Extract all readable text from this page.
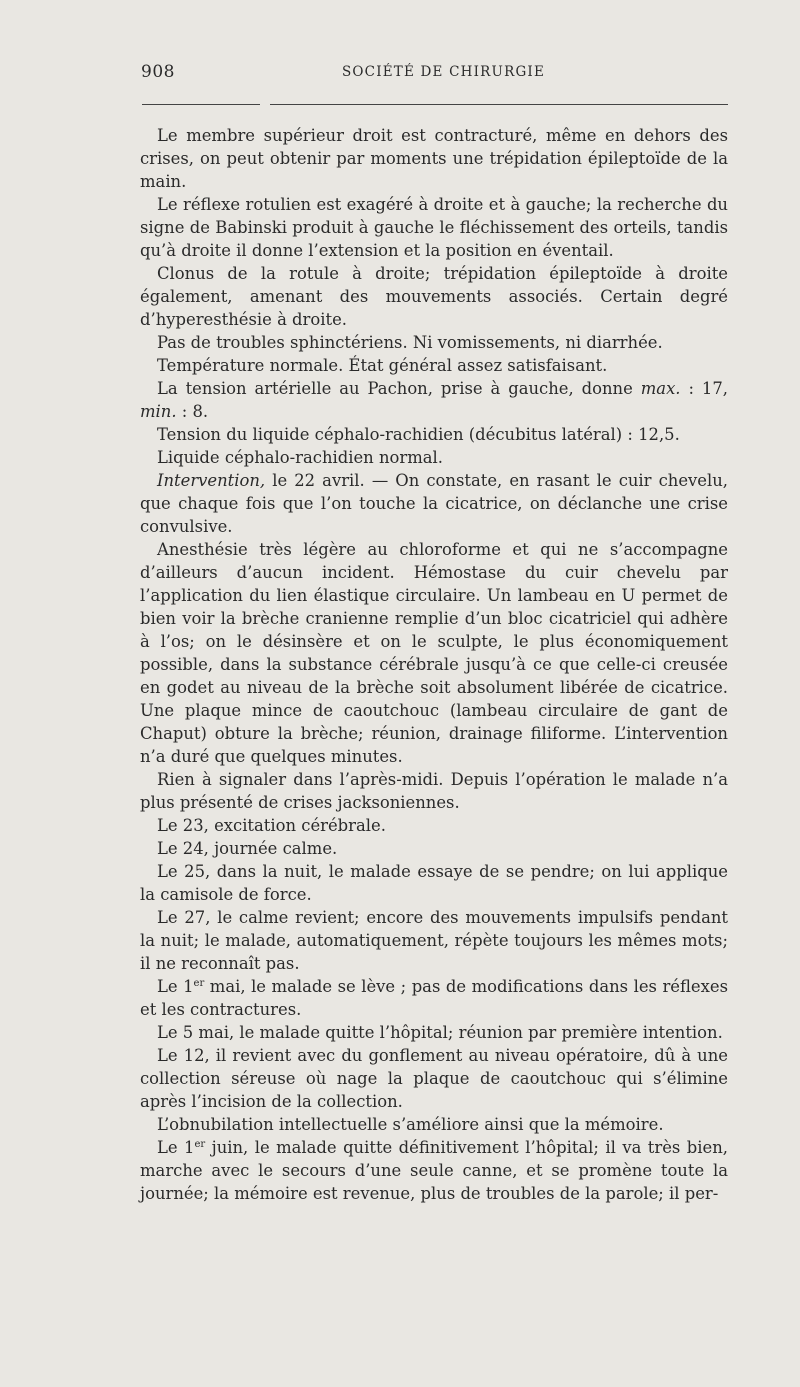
908	SOCIÉTÉ DE CHIRURGIE

Le membre supérieur droit est contracturé, même en dehors des crises, on peut obtenir par moments une trépidation épileptoïde de la main.

Le réflexe rotulien est exagéré à droite et à gauche; la recherche du signe de Babinski produit à gauche le fléchissement des orteils, tandis qu’à droite il donne l’extension et la position en éventail.

Clonus de la rotule à droite; trépidation épileptoïde à droite également, amenant des mouvements associés. Certain degré d’hyperesthésie à droite.

Pas de troubles sphinctériens. Ni vomissements, ni diarrhée.

Température normale. État général assez satisfaisant.

La tension artérielle au Pachon, prise à gauche, donne max. : 17, min. : 8.

Tension du liquide céphalo-rachidien (décubitus latéral) : 12,5.

Liquide céphalo-rachidien normal.

Intervention, le 22 avril. — On constate, en rasant le cuir chevelu, que chaque fois que l’on touche la cicatrice, on déclanche une crise convulsive.

Anesthésie très légère au chloroforme et qui ne s’accompagne d’ailleurs d’aucun incident. Hémostase du cuir chevelu par l’application du lien élastique circulaire. Un lambeau en U permet de bien voir la brèche cranienne remplie d’un bloc cicatriciel qui adhère à l’os; on le désinsère et on le sculpte, le plus économiquement possible, dans la substance cérébrale jusqu’à ce que celle-ci creusée en godet au niveau de la brèche soit absolument libérée de cicatrice. Une plaque mince de caoutchouc (lambeau circulaire de gant de Chaput) obture la brèche; réunion, drainage filiforme. L’intervention n’a duré que quelques minutes.

Rien à signaler dans l’après-midi. Depuis l’opération le malade n’a plus présenté de crises jacksoniennes.

Le 23, excitation cérébrale.

Le 24, journée calme.

Le 25, dans la nuit, le malade essaye de se pendre; on lui applique la camisole de force.

Le 27, le calme revient; encore des mouvements impulsifs pendant la nuit; le malade, automatiquement, répète toujours les mêmes mots; il ne reconnaît pas.

Le 1er mai, le malade se lève ; pas de modifications dans les réflexes et les contractures.

Le 5 mai, le malade quitte l’hôpital; réunion par première intention.

Le 12, il revient avec du gonflement au niveau opératoire, dû à une collection séreuse où nage la plaque de caoutchouc qui s’élimine après l’incision de la collection.

L’obnubilation intellectuelle s’améliore ainsi que la mémoire.

Le 1er juin, le malade quitte définitivement l’hôpital; il va très bien, marche avec le secours d’une seule canne, et se promène toute la journée; la mémoire est revenue, plus de troubles de la parole; il per-
